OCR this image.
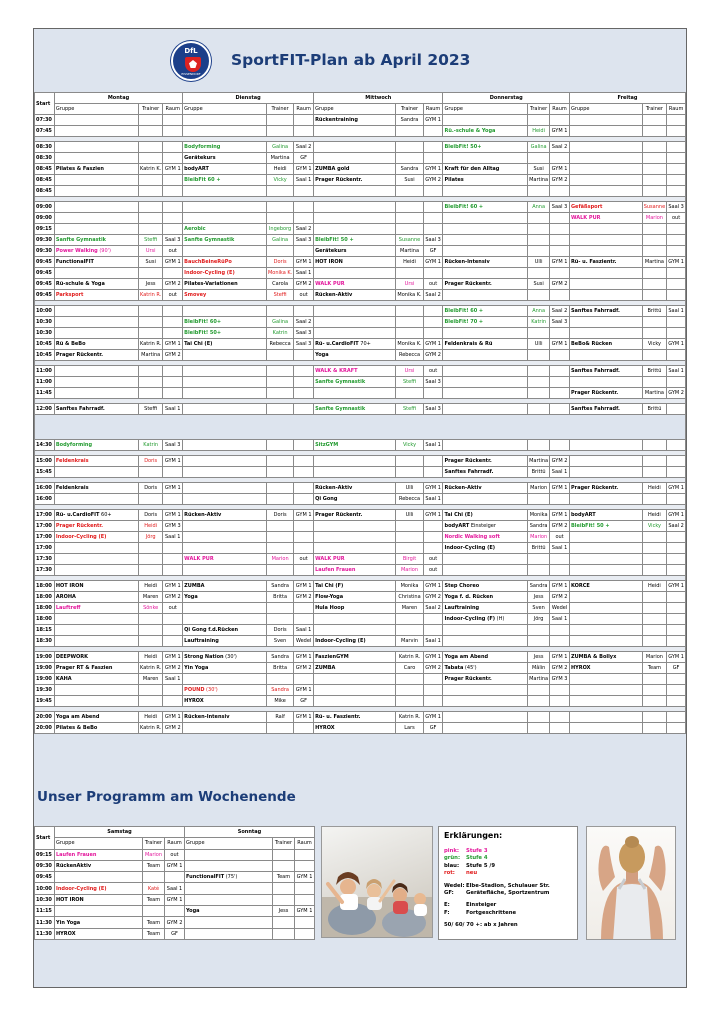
DfL
EISSENDORF
SportFIT-Plan ab April 2023
Start	Montag			Dienstag			Mittwoch			Donnerstag			Freitag		
	Gruppe	Trainer	Raum	Gruppe	Trainer	Raum	Gruppe	Trainer	Raum	Gruppe	Trainer	Raum	Gruppe	Trainer	Raum
07:30							Rückentraining	Sandra	GYM 1						
07:45										Rü.-schule & Yoga	Heidi	GYM 1			

08:30				Bodyforming	Galina	Saal 2				BleibFit! 50+	Galina	Saal 2			
08:30				Gerätekurs	Martina	GF									
08:45	Pilates & Faszien	Katrin K.	GYM 1	bodyART	Heidi	GYM 1	ZUMBA gold	Sandra	GYM 1	Kraft für den Alltag	Susi	GYM 1			
08:45				BleibFit 60 +	Vicky	Saal 1	Prager Rückentr.	Susi	GYM 2	Pilates	Martina	GYM 2			
08:45															

09:00										BleibFit! 60 +	Anna	Saal 3	Gefäßsport	Susanne	Saal 3
09:00													WALK PUR	Marion	out
09:15				Aerobic	Ingeborg	Saal 2									
09:30	Sanfte Gymnastik	Steffi	Saal 3	Sanfte Gymnastik	Galina	Saal 3	BleibFit! 50 +	Susanne	Saal 3						
09:30	Power Walking (90')	Ursi	out				Gerätekurs	Martina	GF						
09:45	FunctionalFIT	Susi	GYM 1	BauchBeineRüPo	Doris	GYM 1	HOT IRON	Heidi	GYM 1	Rücken-Intensiv	Ulli	GYM 1	Rü- u. Faszientr.	Martina	GYM 1
09:45				Indoor-Cycling (E)	Monika K.	Saal 1									
09:45	Rü-schule & Yoga	Jess	GYM 2	Pilates-Variationen	Carola	GYM 2	WALK PUR	Ursi	out	Prager Rückentr.	Susi	GYM 2			
09:45	Parksport	Katrin R.	out	Smovey	Steffi	out	Rücken-Aktiv	Monika K.	Saal 2						

10:00										BleibFit! 60 +	Anna	Saal 2	Sanftes Fahrradf.	Brittü	Saal 1
10:30				BleibFit! 60+	Galina	Saal 2				BleibFit! 70 +	Katrin	Saal 3			
10:30				BleibFit! 50+	Katrin	Saal 3									
10:45	Rü & BeBo	Katrin R.	GYM 1	Tai Chi (E)	Rebecca	Saal 3	Rü- u.CardioFIT 70+	Monika K.	GYM 1	Feldenkrais & Rü	Ulli	GYM 1	BeBo& Rücken	Vicky	GYM 1
10:45	Prager Rückentr.	Martina	GYM 2				Yoga	Rebecca	GYM 2						

11:00							WALK & KRAFT	Ursi	out				Sanftes Fahrradf.	Brittü	Saal 1
11:00							Sanfte Gymnastik	Steffi	Saal 3						
11:45													Prager Rückentr.	Martina	GYM 2

12:00	Sanftes Fahrradf.	Steffi	Saal 1				Sanfte Gymnastik	Steffi	Saal 3				Sanftes Fahrradf.	Brittü	

14:30	Bodyforming	Katrin	Saal 3				SitzGYM	Vicky	Saal 1						

15:00	Feldenkrais	Doris	GYM 1							Prager Rückentr.	Martina	GYM 2			
15:45										Sanftes Fahrradf.	Brittü	Saal 1			

16:00	Feldenkrais	Doris	GYM 1				Rücken-Aktiv	Ulli	GYM 1	Rücken-Aktiv	Marion	GYM 1	Prager Rückentr.	Heidi	GYM 1
16:00							Qi Gong	Rebecca	Saal 1						

17:00	Rü- u.CardioFIT 60+	Doris	GYM 1	Rücken-Aktiv	Doris	GYM 1	Prager Rückentr.	Ulli	GYM 1	Tai Chi (E)	Monika	GYM 1	bodyART	Heidi	GYM 1
17:00	Prager Rückentr.	Heidi	GYM 3							bodyART Einsteiger	Sandra	GYM 2	BleibFit! 50 +	Vicky	Saal 2
17:00	Indoor-Cycling (E)	Jörg	Saal 1							Nordic Walking soft	Marion	out			
17:00										Indoor-Cycling (E)	Brittü	Saal 1			
17:30				WALK PUR	Marion	out	WALK PUR	Birgit	out						
17:30							Laufen Frauen	Marion	out						

18:00	HOT IRON	Heidi	GYM 1	ZUMBA	Sandra	GYM 1	Tai Chi (F)	Monika	GYM 1	Step Choreo	Sandra	GYM 1	KORCE	Heidi	GYM 1
18:00	AROHA	Maren	GYM 2	Yoga	Britta	GYM 2	Flow-Yoga	Christina	GYM 2	Yoga f. d. Rücken	Jess	GYM 2			
18:00	Lauftreff	Sönke	out				Hula Hoop	Maren	Saal 2	Lauftraining	Sven	Wedel			
18:00										Indoor-Cycling (F) (H)	Jörg	Saal 1			
18:15				Qi Gong f.d.Rücken	Doris	Saal 1									
18:30				Lauftraining	Sven	Wedel	Indoor-Cycling (E)	Marvin	Saal 1						

19:00	DEEPWORK	Heidi	GYM 1	Strong Nation (30')	Sandra	GYM 1	FaszienGYM	Katrin R.	GYM 1	Yoga am Abend	Jess	GYM 1	ZUMBA & Bollyx	Marion	GYM 1
19:00	Prager RT & Faszien	Katrin R.	GYM 2	Yin Yoga	Britta	GYM 2	ZUMBA	Caro	GYM 2	Tabata (45')	Mâlin	GYM 2	HYROX	Team	GF
19:00	KAHA	Maren	Saal 1							Prager Rückentr.	Martina	GYM 3			
19:30				POUND (30')	Sandra	GYM 1									
19:45				HYROX	Mike	GF									

20:00	Yoga am Abend	Heidi	GYM 1	Rücken-Intensiv	Ralf	GYM 1	Rü- u. Faszientr.	Katrin R.	GYM 1						
20:00	Pilates & BeBo	Katrin R.	GYM 2				HYROX	Lars	GF						
Unser Programm am Wochenende
Start	Samstag			Sonntag		
	Gruppe	Trainer	Raum	Gruppe	Trainer	Raum
09:15	Laufen Frauen	Marion	out			
09:30	RückenAktiv	Team	GYM 1			
09:45				FunctionalFIT (75')	Team	GYM 1
10:00	Indoor-Cycling (E)	Katé	Saal 1			
10:30	HOT IRON	Team	GYM 1			
11:15				Yoga	Jess	GYM 1
11:30	Yin Yoga	Team	GYM 2			
11:30	HYROX	Team	GF			
Erklärungen:
pink: Stufe 3
grün: Stufe 4
blau: Stufe 5 /9
rot: neu
Wedel:Elbe-Stadion, Schulauer Str.
GF: Gerätefläche, Sportzentrum
E:	Einsteiger
F:	Fortgeschrittene
50/ 60/ 70 +: ab x Jahren
